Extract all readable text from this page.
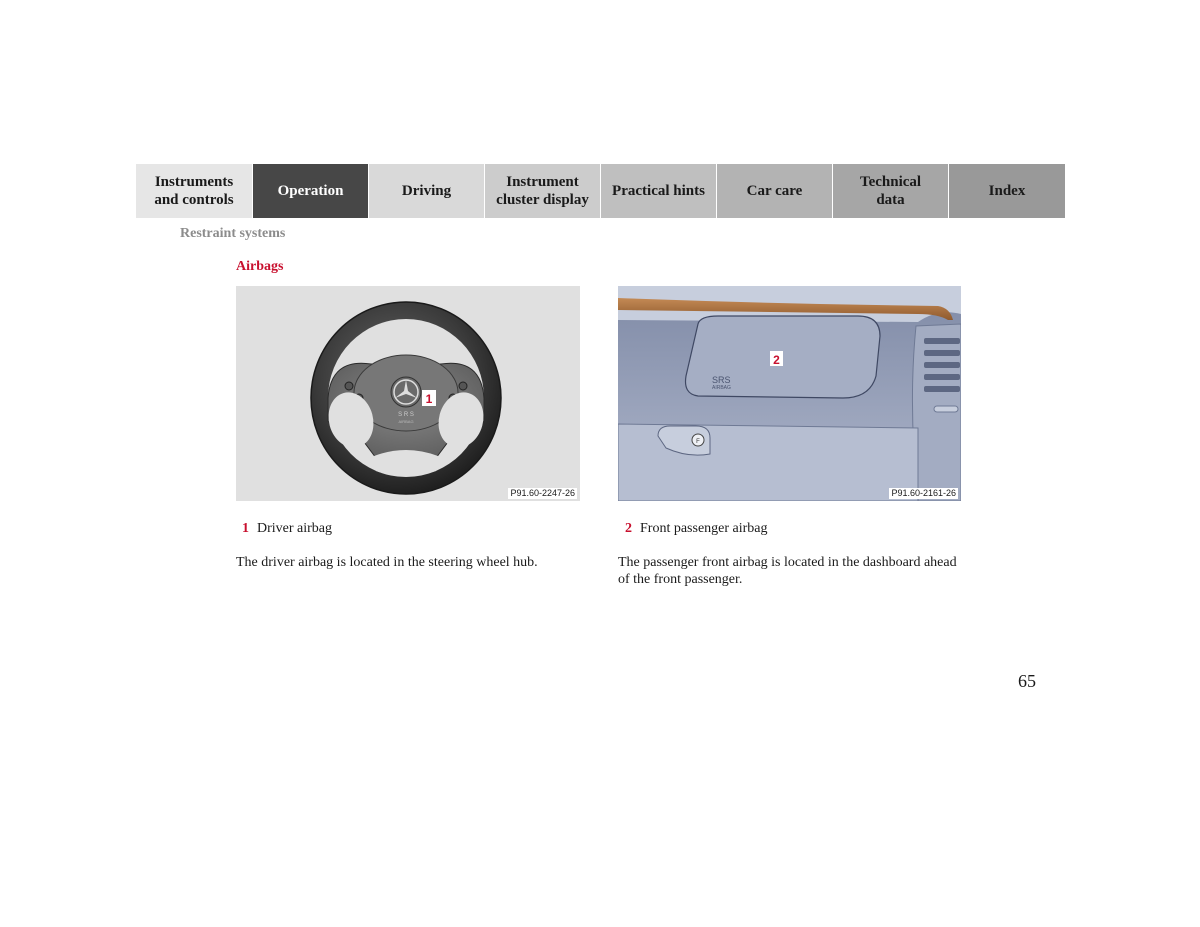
Instruments
and controls
Operation	Driving
Instrument
cluster display
Practical hints	Car care
Technical
data
Index
Restraint systems
Airbags
S R S
AIRBAG
1
P91.60-2247-26
F
SRS
AIRBAG
2
P91.60-2161-26
1 Driver airbag	2 Front passenger airbag
The driver airbag is located in the steering wheel hub.	The passenger front airbag is located in the dashboard ahead of the front passenger.
65
